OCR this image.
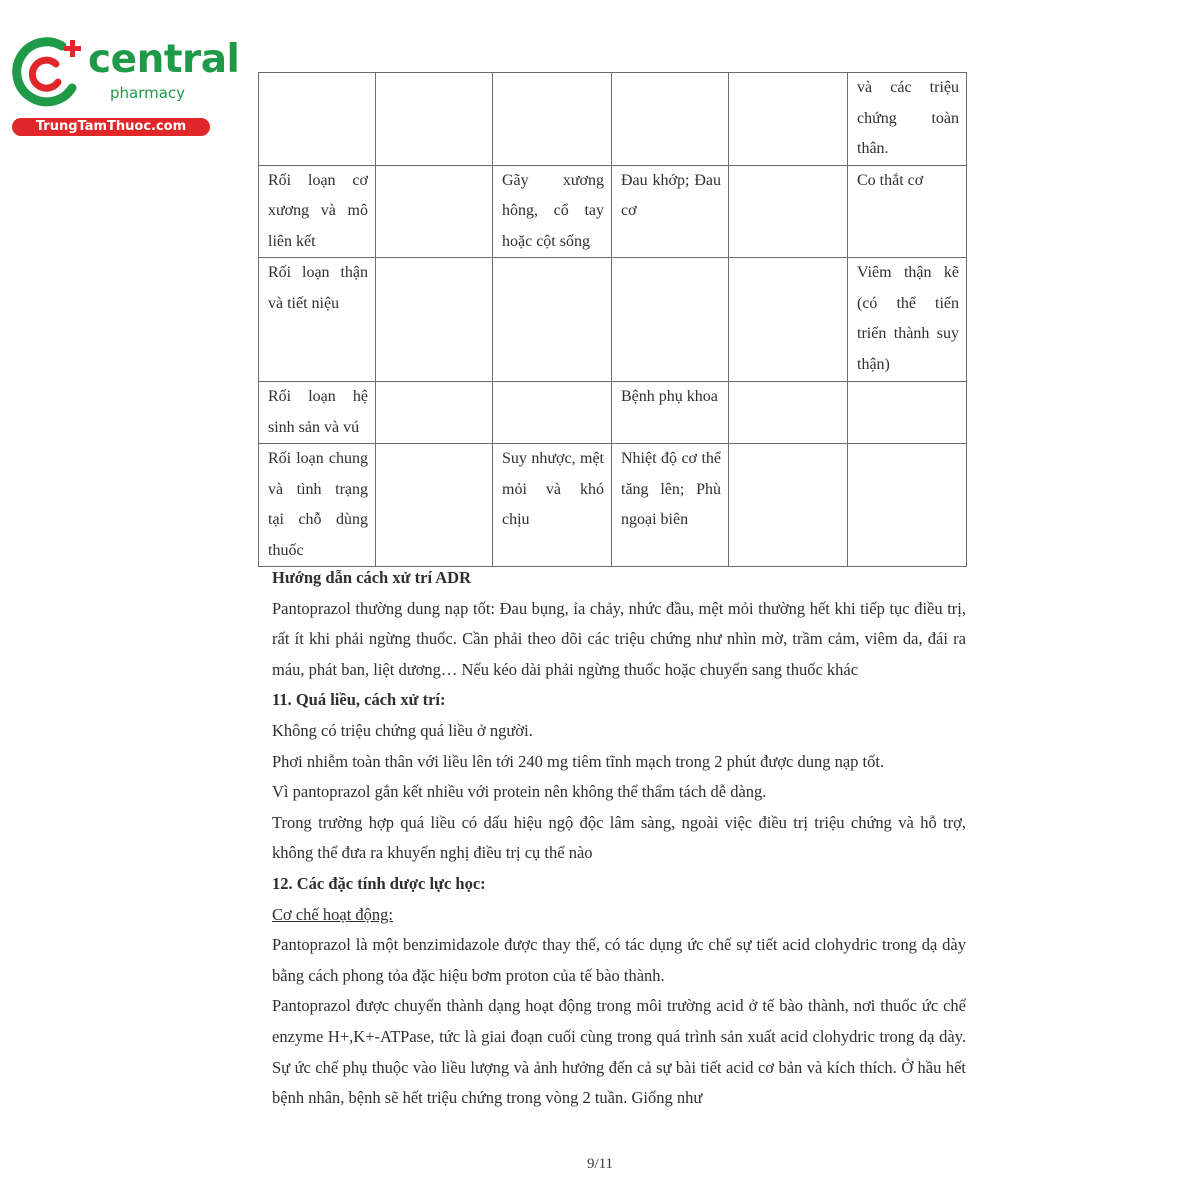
central
pharmacy
TrungTamThuoc.com
					và các triệu chứng toàn thân.
Rối loạn cơ xương và mô liên kết		Gãy xương hông, cổ tay hoặc cột sống	Đau khớp; Đau cơ		Co thắt cơ
Rối loạn thận và tiết niệu					Viêm thận kẽ (có thể tiến triển thành suy thận)
Rối loạn hệ sinh sản và vú			Bệnh phụ khoa		
Rối loạn chung và tình trạng tại chỗ dùng thuốc		Suy nhược, mệt mỏi và khó chịu	Nhiệt độ cơ thể tăng lên; Phù ngoại biên		

Hướng dẫn cách xử trí ADR

Pantoprazol thường dung nạp tốt: Đau bụng, ỉa chảy, nhức đầu, mệt mỏi thường hết khi tiếp tục điều trị, rất ít khi phải ngừng thuốc. Cần phải theo dõi các triệu chứng như nhìn mờ, trầm cảm, viêm da, đái ra máu, phát ban, liệt dương… Nếu kéo dài phải ngừng thuốc hoặc chuyển sang thuốc khác

11. Quá liều, cách xử trí:

Không có triệu chứng quá liều ở người.

Phơi nhiễm toàn thân với liều lên tới 240 mg tiêm tĩnh mạch trong 2 phút được dung nạp tốt.

Vì pantoprazol gắn kết nhiều với protein nên không thể thẩm tách dễ dàng.

Trong trường hợp quá liều có dấu hiệu ngộ độc lâm sàng, ngoài việc điều trị triệu chứng và hỗ trợ, không thể đưa ra khuyến nghị điều trị cụ thể nào

12. Các đặc tính dược lực học:

Cơ chế hoạt động:

Pantoprazol là một benzimidazole được thay thế, có tác dụng ức chế sự tiết acid clohydric trong dạ dày bằng cách phong tỏa đặc hiệu bơm proton của tế bào thành.

Pantoprazol được chuyển thành dạng hoạt động trong môi trường acid ở tế bào thành, nơi thuốc ức chế enzyme H+,K+-ATPase, tức là giai đoạn cuối cùng trong quá trình sản xuất acid clohydric trong dạ dày. Sự ức chế phụ thuộc vào liều lượng và ảnh hưởng đến cả sự bài tiết acid cơ bản và kích thích. Ở hầu hết bệnh nhân, bệnh sẽ hết triệu chứng trong vòng 2 tuần. Giống như

9/11
